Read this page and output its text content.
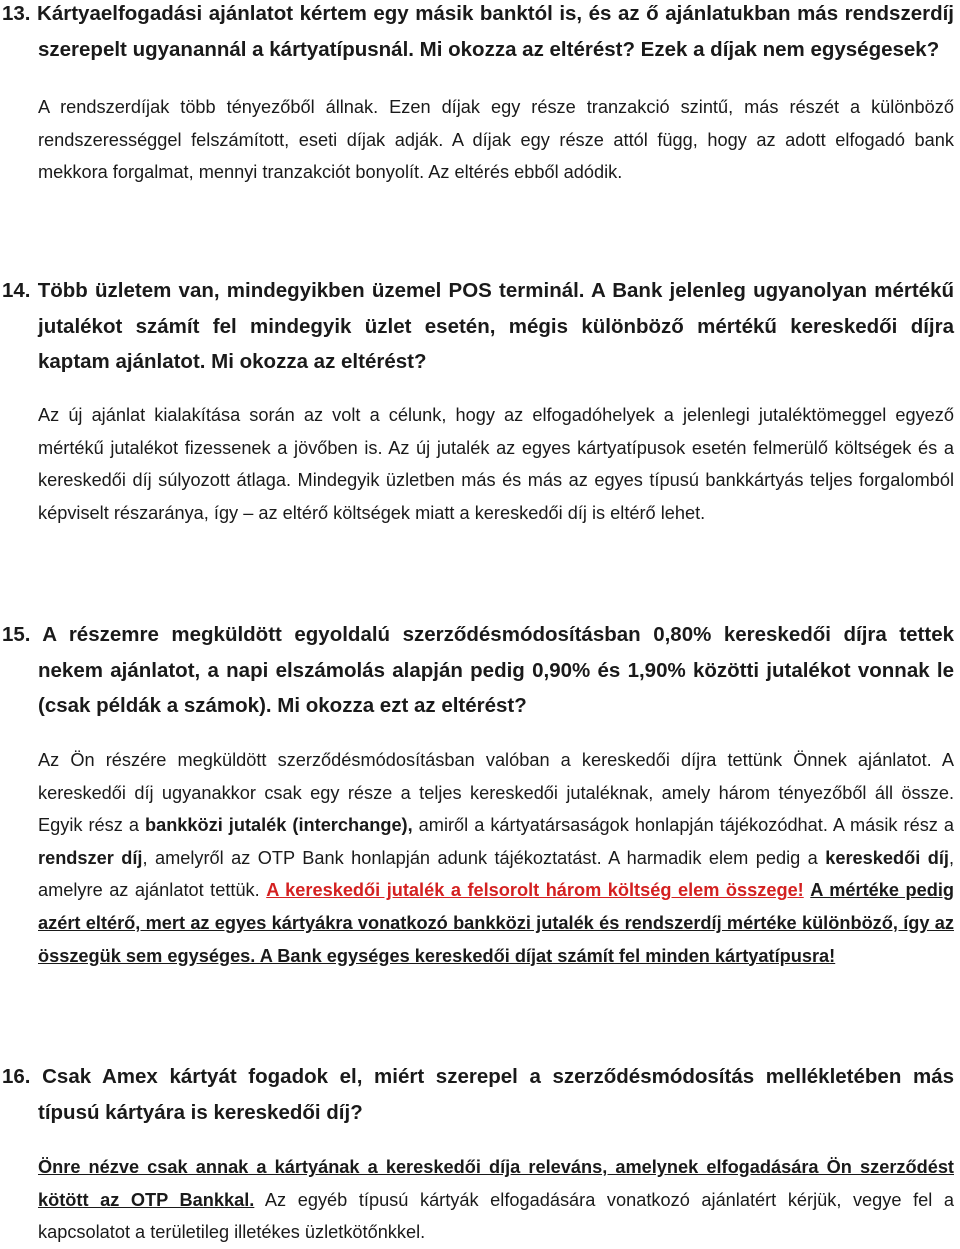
13. Kártyaelfogadási ajánlatot kértem egy másik banktól is, és az ő ajánlatukban más rendszerdíj szerepelt ugyanannál a kártyatípusnál. Mi okozza az eltérést? Ezek a díjak nem egységesek?

A rendszerdíjak több tényezőből állnak. Ezen díjak egy része tranzakció szintű, más részét a különböző rendszerességgel felszámított, eseti díjak adják. A díjak egy része attól függ, hogy az adott elfogadó bank mekkora forgalmat, mennyi tranzakciót bonyolít. Az eltérés ebből adódik.

14. Több üzletem van, mindegyikben üzemel POS terminál. A Bank jelenleg ugyanolyan mértékű jutalékot számít fel mindegyik üzlet esetén, mégis különböző mértékű kereskedői díjra kaptam ajánlatot. Mi okozza az eltérést?

Az új ajánlat kialakítása során az volt a célunk, hogy az elfogadóhelyek a jelenlegi jutaléktömeggel egyező mértékű jutalékot fizessenek a jövőben is. Az új jutalék az egyes kártyatípusok esetén felmerülő költségek és a kereskedői díj súlyozott átlaga. Mindegyik üzletben más és más az egyes típusú bankkártyás teljes forgalomból képviselt részaránya, így – az eltérő költségek miatt a kereskedői díj is eltérő lehet.

15. A részemre megküldött egyoldalú szerződésmódosításban 0,80% kereskedői díjra tettek nekem ajánlatot, a napi elszámolás alapján pedig 0,90% és 1,90% közötti jutalékot vonnak le (csak példák a számok). Mi okozza ezt az eltérést?

Az Ön részére megküldött szerződésmódosításban valóban a kereskedői díjra tettünk Önnek ajánlatot. A kereskedői díj ugyanakkor csak egy része a teljes kereskedői jutaléknak, amely három tényezőből áll össze. Egyik rész a bankközi jutalék (interchange), amiről a kártyatársaságok honlapján tájékozódhat. A másik rész a rendszer díj, amelyről az OTP Bank honlapján adunk tájékoztatást. A harmadik elem pedig a kereskedői díj, amelyre az ajánlatot tettük. A kereskedői jutalék a felsorolt három költség elem összege! A mértéke pedig azért eltérő, mert az egyes kártyákra vonatkozó bankközi jutalék és rendszerdíj mértéke különböző, így az összegük sem egységes. A Bank egységes kereskedői díjat számít fel minden kártyatípusra!

16. Csak Amex kártyát fogadok el, miért szerepel a szerződésmódosítás mellékletében más típusú kártyára is kereskedői díj?

Önre nézve csak annak a kártyának a kereskedői díja releváns, amelynek elfogadására Ön szerződést kötött az OTP Bankkal. Az egyéb típusú kártyák elfogadására vonatkozó ajánlatért kérjük, vegye fel a kapcsolatot a területileg illetékes üzletkötőnkkel.
